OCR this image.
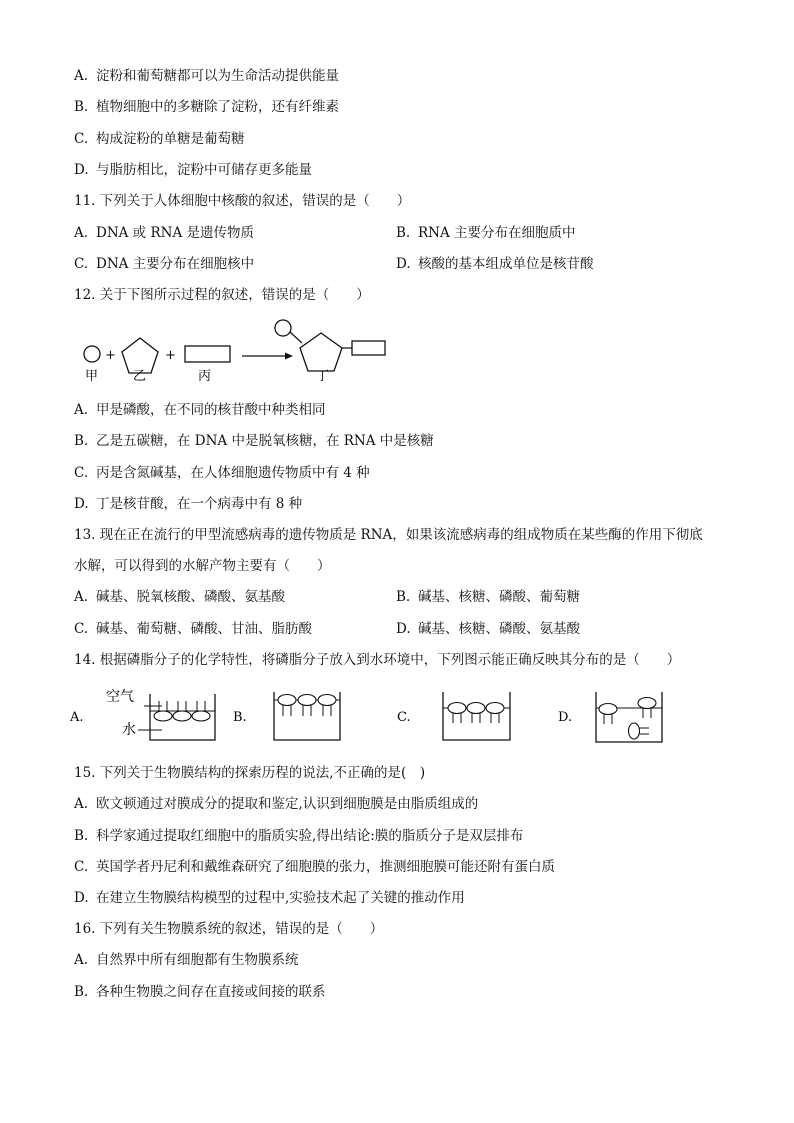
A. 淀粉和葡萄糖都可以为生命活动提供能量
B. 植物细胞中的多糖除了淀粉，还有纤维素
C. 构成淀粉的单糖是葡萄糖
D. 与脂肪相比，淀粉中可储存更多能量
11. 下列关于人体细胞中核酸的叙述，错误的是（　　）
A. DNA 或 RNA 是遗传物质	B. RNA 主要分布在细胞质中
C. DNA 主要分布在细胞核中	D. 核酸的基本组成单位是核苷酸
12. 关于下图所示过程的叙述，错误的是（　　）
甲
+
乙
+
丙	丁
A. 甲是磷酸，在不同的核苷酸中种类相同
B. 乙是五碳糖，在 DNA 中是脱氧核糖，在 RNA 中是核糖
C. 丙是含氮碱基，在人体细胞遗传物质中有 4 种
D. 丁是核苷酸，在一个病毒中有 8 种
13. 现在正在流行的甲型流感病毒的遗传物质是 RNA，如果该流感病毒的组成物质在某些酶的作用下彻底
水解，可以得到的水解产物主要有（　　）
A. 碱基、脱氧核酸、磷酸、氨基酸	B. 碱基、核糖、磷酸、葡萄糖
C. 碱基、葡萄糖、磷酸、甘油、脂肪酸	D. 碱基、核糖、磷酸、氨基酸
14. 根据磷脂分子的化学特性，将磷脂分子放入到水环境中，下列图示能正确反映其分布的是（　　）
A.
空气
水
B.	C.	D.
15. 下列关于生物膜结构的探索历程的说法,不正确的是(　)
A. 欧文顿通过对膜成分的提取和鉴定,认识到细胞膜是由脂质组成的
B. 科学家通过提取红细胞中的脂质实验,得出结论:膜的脂质分子是双层排布
C. 英国学者丹尼利和戴维森研究了细胞膜的张力，推测细胞膜可能还附有蛋白质
D. 在建立生物膜结构模型的过程中,实验技术起了关键的推动作用
16. 下列有关生物膜系统的叙述，错误的是（　　）
A. 自然界中所有细胞都有生物膜系统
B. 各种生物膜之间存在直接或间接的联系
